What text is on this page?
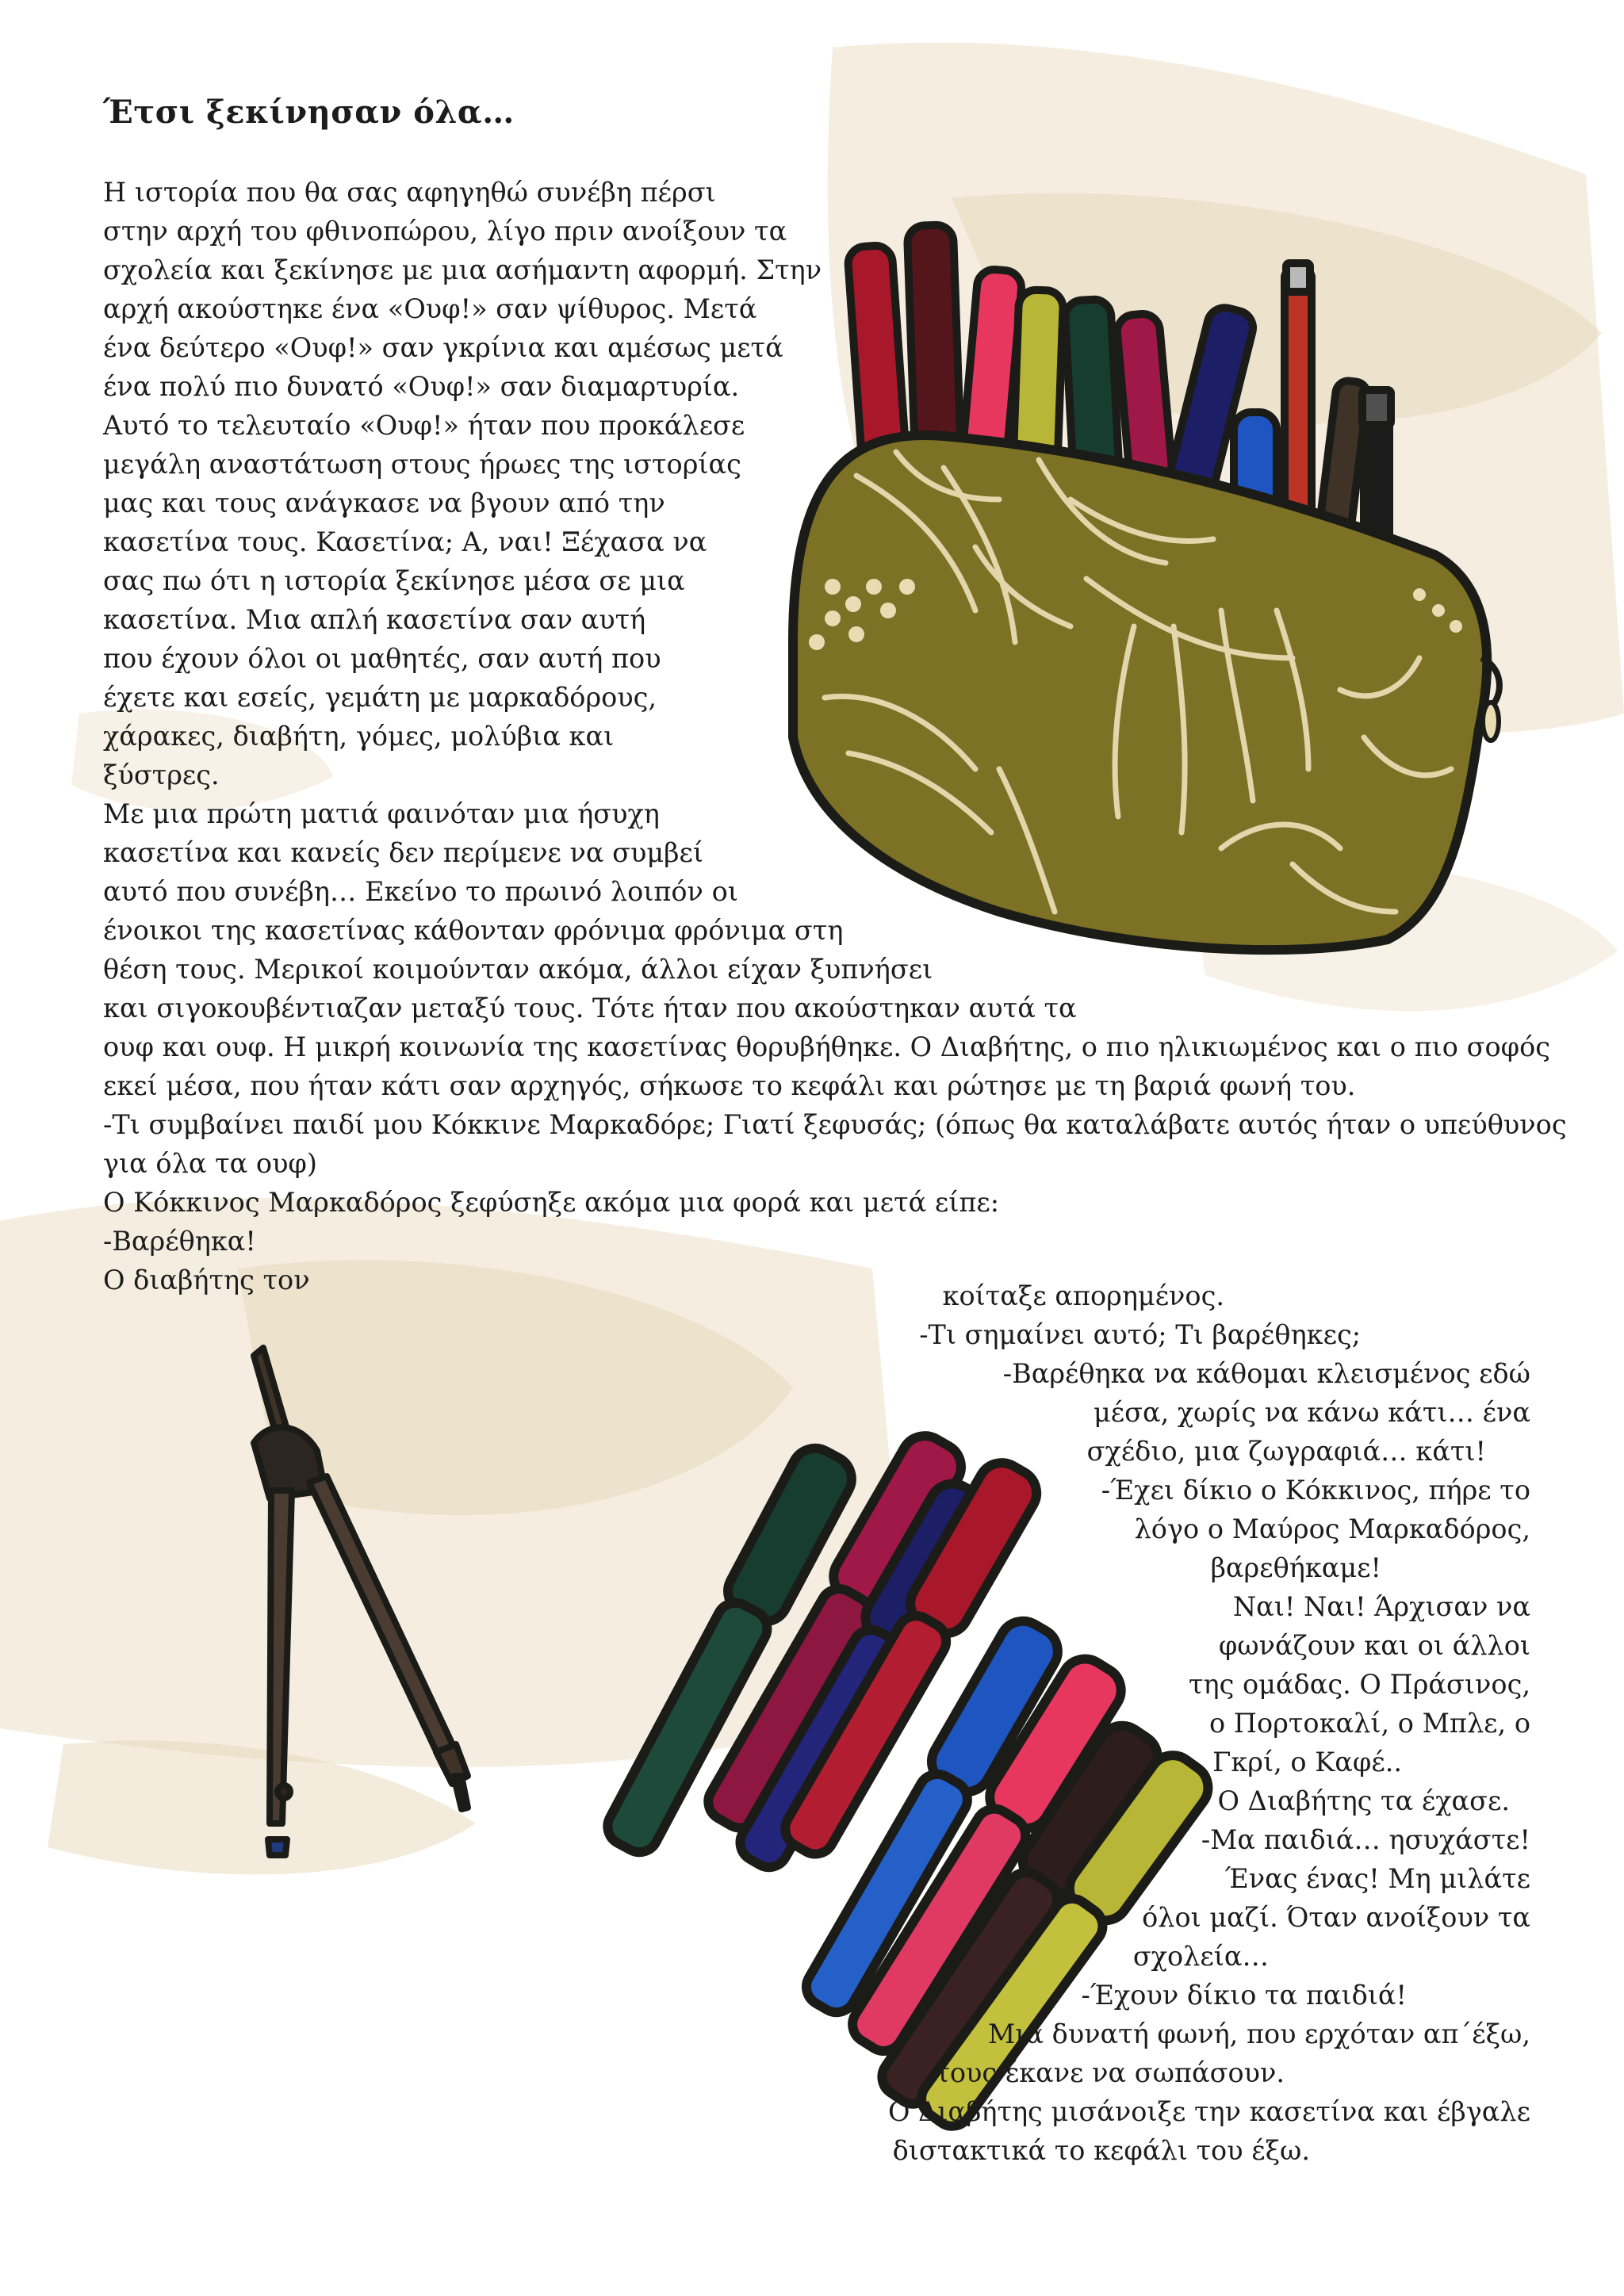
Έτσι ξεκίνησαν όλα…
Η ιστορία που θα σας αφηγηθώ συνέβη πέρσι
στην αρχή του φθινοπώρου, λίγο πριν ανοίξουν τα
σχολεία και ξεκίνησε με μια ασήμαντη αφορμή. Στην
αρχή ακούστηκε ένα «Ουφ!» σαν ψίθυρος. Μετά
ένα δεύτερο «Ουφ!» σαν γκρίνια και αμέσως μετά
ένα πολύ πιο δυνατό «Ουφ!» σαν διαμαρτυρία.
Αυτό το τελευταίο «Ουφ!» ήταν που προκάλεσε
μεγάλη αναστάτωση στους ήρωες της ιστορίας
μας και τους ανάγκασε να βγουν από την
κασετίνα τους. Κασετίνα; Α, ναι! Ξέχασα να
σας πω ότι η ιστορία ξεκίνησε μέσα σε μια
κασετίνα. Μια απλή κασετίνα σαν αυτή
που έχουν όλοι οι μαθητές, σαν αυτή που
έχετε και εσείς, γεμάτη με μαρκαδόρους,
χάρακες, διαβήτη, γόμες, μολύβια και
ξύστρες.
Με μια πρώτη ματιά φαινόταν μια ήσυχη
κασετίνα και κανείς δεν περίμενε να συμβεί
αυτό που συνέβη… Εκείνο το πρωινό λοιπόν οι
ένοικοι της κασετίνας κάθονταν φρόνιμα φρόνιμα στη
θέση τους. Μερικοί κοιμούνταν ακόμα, άλλοι είχαν ξυπνήσει
και σιγοκουβέντιαζαν μεταξύ τους. Τότε ήταν που ακούστηκαν αυτά τα
ουφ και ουφ. Η μικρή κοινωνία της κασετίνας θορυβήθηκε. Ο Διαβήτης, ο πιο ηλικιωμένος και ο πιο σοφός
εκεί μέσα, που ήταν κάτι σαν αρχηγός, σήκωσε το κεφάλι και ρώτησε με τη βαριά φωνή του.
-Τι συμβαίνει παιδί μου Κόκκινε Μαρκαδόρε; Γιατί ξεφυσάς; (όπως θα καταλάβατε αυτός ήταν ο υπεύθυνος
για όλα τα ουφ)
Ο Κόκκινος Μαρκαδόρος ξεφύσηξε ακόμα μια φορά και μετά είπε:
-Βαρέθηκα!
Ο διαβήτης τον
κοίταξε απορημένος.
-Τι σημαίνει αυτό; Τι βαρέθηκες;
-Βαρέθηκα να κάθομαι κλεισμένος εδώ
μέσα, χωρίς να κάνω κάτι… ένα
σχέδιο, μια ζωγραφιά… κάτι!
-Έχει δίκιο ο Κόκκινος, πήρε το
λόγο ο Μαύρος Μαρκαδόρος,
βαρεθήκαμε!
Ναι! Ναι! Άρχισαν να
φωνάζουν και οι άλλοι
της ομάδας. Ο Πράσινος,
ο Πορτοκαλί, ο Μπλε, ο
Γκρί, ο Καφέ..
Ο Διαβήτης τα έχασε.
-Μα παιδιά… ησυχάστε!
Ένας ένας! Μη μιλάτε
όλοι μαζί. Όταν ανοίξουν τα
σχολεία…
-Έχουν δίκιο τα παιδιά!
Μια δυνατή φωνή, που ερχόταν απ΄έξω,
τους έκανε να σωπάσουν.
Ο Διαβήτης μισάνοιξε την κασετίνα και έβγαλε
διστακτικά το κεφάλι του έξω.
